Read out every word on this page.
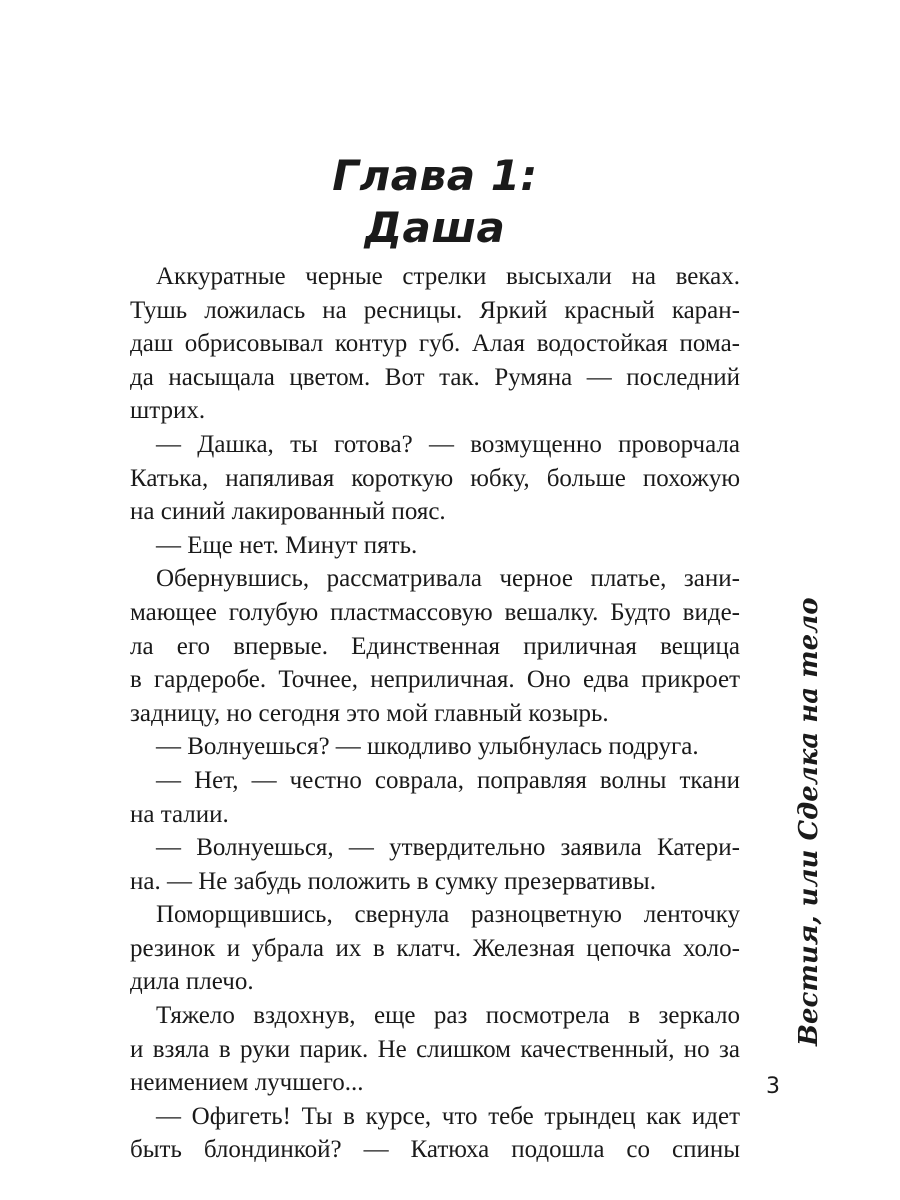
Глава 1:
Даша
Аккуратные черные стрелки высыхали на веках.
Тушь ложилась на ресницы. Яркий красный каран-
даш обрисовывал контур губ. Алая водостойкая пома-
да насыщала цветом. Вот так. Румяна — последний
штрих.
— Дашка, ты готова? — возмущенно проворчала
Катька, напяливая короткую юбку, больше похожую
на синий лакированный пояс.
— Еще нет. Минут пять.
Обернувшись, рассматривала черное платье, зани-
мающее голубую пластмассовую вешалку. Будто виде-
ла его впервые. Единственная приличная вещица
в гардеробе. Точнее, неприличная. Оно едва прикроет
задницу, но сегодня это мой главный козырь.
— Волнуешься? — шкодливо улыбнулась подруга.
— Нет, — честно соврала, поправляя волны ткани
на талии.
— Волнуешься, — утвердительно заявила Катери-
на. — Не забудь положить в сумку презервативы.
Поморщившись, свернула разноцветную ленточку
резинок и убрала их в клатч. Железная цепочка холо-
дила плечо.
Тяжело вздохнув, еще раз посмотрела в зеркало
и взяла в руки парик. Не слишком качественный, но за
неимением лучшего...
— Офигеть! Ты в курсе, что тебе трындец как идет
быть блондинкой? — Катюха подошла со спины
Вестия, или Сделка на тело
3
